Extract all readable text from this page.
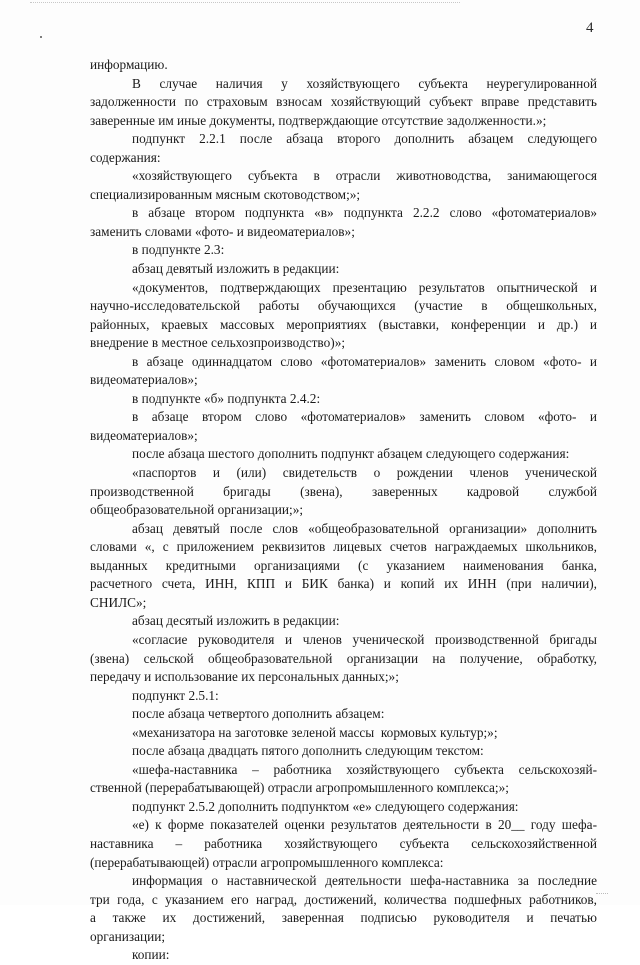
4
информацию.
В случае наличия у хозяйствующего субъекта неурегулированной
задолженности по страховым взносам хозяйствующий субъект вправе представить
заверенные им иные документы, подтверждающие отсутствие задолженности.»;
подпункт 2.2.1 после абзаца второго дополнить абзацем следующего
содержания:
«хозяйствующего субъекта в отрасли животноводства, занимающегося
специализированным мясным скотоводством;»;
в абзаце втором подпункта «в» подпункта 2.2.2 слово «фотоматериалов»
заменить словами «фото- и видеоматериалов»;
в подпункте 2.3:
абзац девятый изложить в редакции:
«документов, подтверждающих презентацию результатов опытнической и
научно-исследовательской работы обучающихся (участие в общешкольных,
районных, краевых массовых мероприятиях (выставки, конференции и др.) и
внедрение в местное сельхозпроизводство)»;
в абзаце одиннадцатом слово «фотоматериалов» заменить словом «фото- и
видеоматериалов»;
в подпункте «б» подпункта 2.4.2:
в абзаце втором слово «фотоматериалов» заменить словом «фото- и
видеоматериалов»;
после абзаца шестого дополнить подпункт абзацем следующего содержания:
«паспортов и (или) свидетельств о рождении членов ученической
производственной бригады (звена), заверенных кадровой службой
общеобразовательной организации;»;
абзац девятый после слов «общеобразовательной организации» дополнить
словами «, с приложением реквизитов лицевых счетов награждаемых школьников,
выданных кредитными организациями (с указанием наименования банка,
расчетного счета, ИНН, КПП и БИК банка) и копий их ИНН (при наличии),
СНИЛС»;
абзац десятый изложить в редакции:
«согласие руководителя и членов ученической производственной бригады
(звена) сельской общеобразовательной организации на получение, обработку,
передачу и использование их персональных данных;»;
подпункт 2.5.1:
после абзаца четвертого дополнить абзацем:
«механизатора на заготовке зеленой массы  кормовых культур;»;
после абзаца двадцать пятого дополнить следующим текстом:
«шефа-наставника – работника хозяйствующего субъекта сельскохозяй-
ственной (перерабатывающей) отрасли агропромышленного комплекса;»;
подпункт 2.5.2 дополнить подпунктом «е» следующего содержания:
«е) к форме показателей оценки результатов деятельности в 20__ году шефа-
наставника – работника хозяйствующего субъекта сельскохозяйственной
(перерабатывающей) отрасли агропромышленного комплекса:
информация о наставнической деятельности шефа-наставника за последние
три года, с указанием его наград, достижений, количества подшефных работников,
а также их достижений, заверенная подписью руководителя и печатью
организации;
копии:
